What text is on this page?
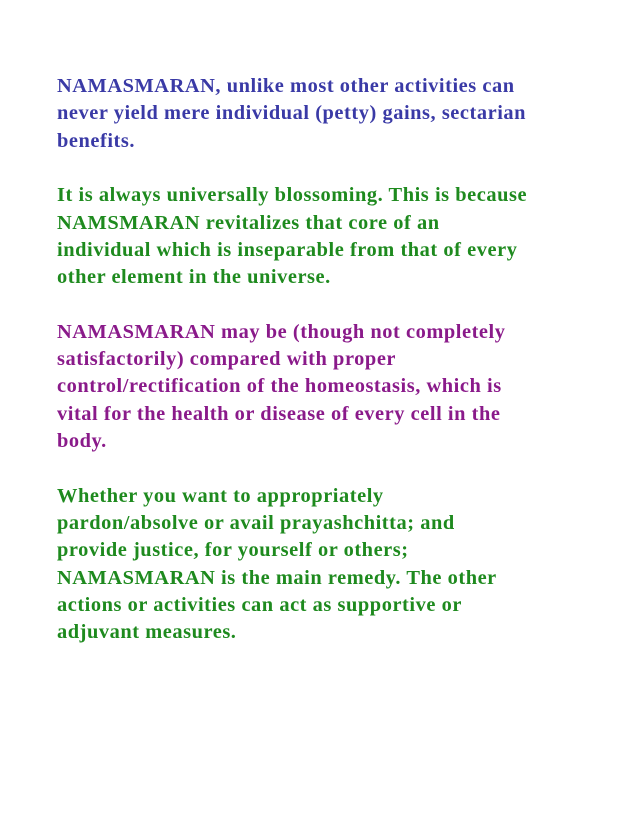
NAMASMARAN, unlike most other activities can
never yield mere individual (petty) gains, sectarian
benefits.

It is always universally blossoming. This is because
NAMSMARAN revitalizes that core of an
individual which is inseparable from that of every
other element in the universe.

NAMASMARAN may be (though not completely
satisfactorily) compared with proper
control/rectification of the homeostasis, which is
vital for the health or disease of every cell in the
body.

Whether you want to appropriately
pardon/absolve or avail prayashchitta; and
provide justice, for yourself or others;
NAMASMARAN is the main remedy. The other
actions or activities can act as supportive or
adjuvant measures.
